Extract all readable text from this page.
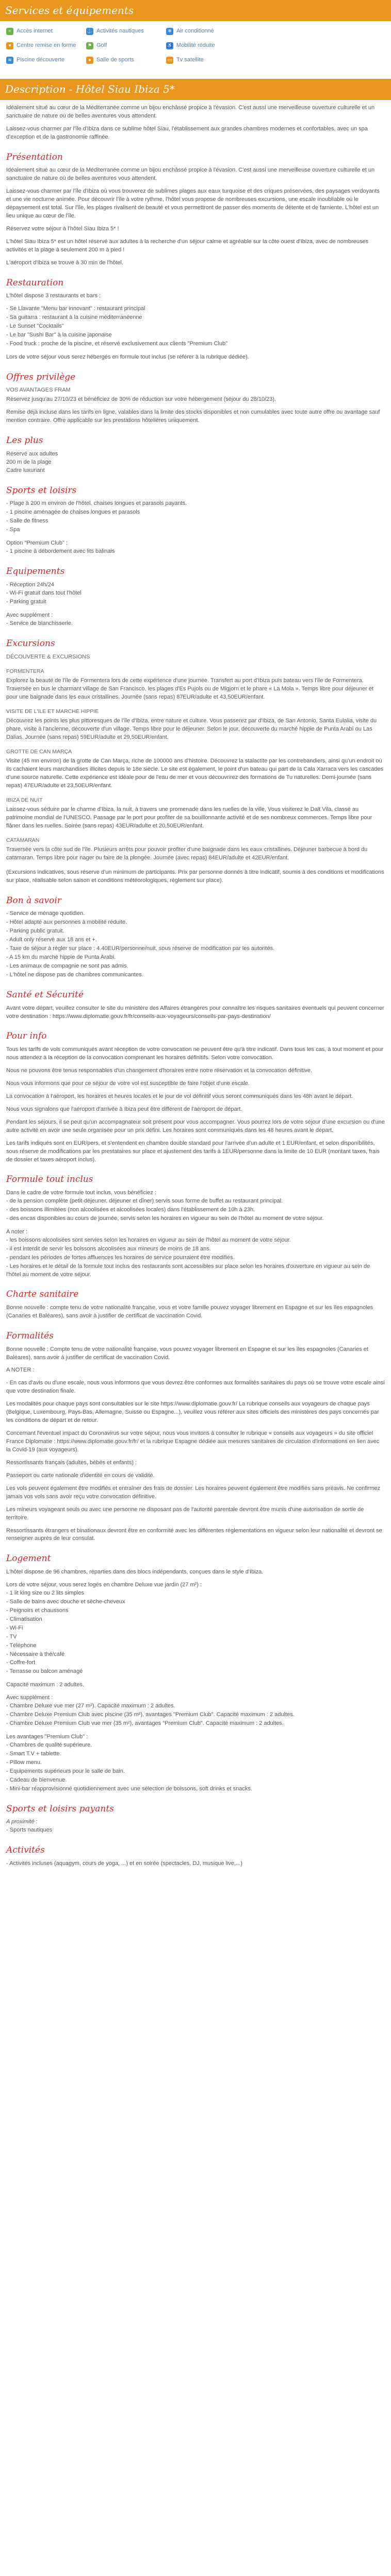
Services et équipements
≈ Accès internet	⚓ Activités nautiques	❄ Air conditionné
♥ Centre remise en forme	⚑ Golf	♿ Mobilité réduite
≋ Piscine découverte	● Salle de sports	▭ Tv satellite
Description - Hôtel Siau Ibiza 5*

Idéalement situé au cœur de la Méditerranée comme un bijou enchâssé propice à l'évasion. C'est aussi une merveilleuse ouverture culturelle et un sanctuaire de nature où de belles aventures vous attendent.

Laissez-vous charmer par l'île d'Ibiza dans ce sublime hôtel Siau, l'établissement aux grandes chambres modernes et confortables, avec un spa d'exception et de la gastronomie raffinée.

Présentation

Idéalement situé au cœur de la Méditerranée comme un bijou enchâssé propice à l'évasion. C'est aussi une merveilleuse ouverture culturelle et un sanctuaire de nature où de belles aventures vous attendent.

Laissez-vous charmer par l'île d'Ibiza où vous trouverez de sublimes plages aux eaux turquoise et des criques préservées, des paysages verdoyants et une vie nocturne animée. Pour découvrir l'île à votre rythme, l'hôtel vous propose de nombreuses excursions, une escale inoubliable où le dépaysement est total. Sur l'île, les plages rivalisent de beauté et vous permettront de passer des moments de détente et de farniente. L'hôtel est un lieu unique au cœur de l'île.

Réservez votre séjour à l'hôtel Siau Ibiza 5* !

L'hôtel Siau Ibiza 5* est un hôtel réservé aux adultes à la recherche d'un séjour calme et agréable sur la côte ouest d'Ibiza, avec de nombreuses activités et la plage à seulement 200 m à pied !

L'aéroport d'Ibiza se trouve à 30 min de l'hôtel.

Restauration

L'hôtel dispose 3 restaurants et bars :

- Se Llavante "Menu bar innovant" : restaurant principal
- Sa guitarra : restaurant à la cuisine méditerranéenne
- Le Sunset "Cocktails"
- Le bar "Sushi Bar" à la cuisine japonaise
- Food truck : proche de la piscine, et réservé exclusivement aux clients "Premium Club"

Lors de votre séjour vous serez hébergés en formule tout inclus (se référer à la rubrique dédiée).

Offres privilège

VOS AVANTAGES FRAM

Réservez jusqu'au 27/10/23 et bénéficiez de 30% de réduction sur votre hébergement (séjour du 28/10/23).

Remise déjà incluse dans les tarifs en ligne, valables dans la limite des stocks disponibles et non cumulables avec toute autre offre ou avantage sauf mention contraire. Offre applicable sur les prestations hôtelières uniquement.

Les plus

Réservé aux adultes

200 m de la plage

Cadre luxuriant

Sports et loisirs
- Plage à 200 m environ de l'hôtel, chaises longues et parasols payants.
- 1 piscine aménagée de chaises longues et parasols
- Salle de fitness
- Spa

Option "Premium Club" :

- 1 piscine à débordement avec lits balinais
Equipements
- Réception 24h/24
- Wi-Fi gratuit dans tout l'hôtel
- Parking gratuit

Avec supplément :

- Service de blanchisserie.
Excursions

DÉCOUVERTE & EXCURSIONS

FORMENTERA

Explorez la beauté de l'île de Formentera lors de cette expérience d'une journée. Transfert au port d'Ibiza puis bateau vers l'île de Formentera. Traversée en bus le charmant village de San Francisco, les plages d'Es Pujols ou de Migjorn et le phare « La Mola ». Temps libre pour déjeuner et pour une baignade dans les eaux cristallines. Journée (sans repas) 87EUR/adulte et 43,50EUR/enfant.

VISITE DE L'ILE ET MARCHE HIPPIE

Découvrez les points les plus pittoresques de l'île d'Ibiza, entre nature et culture. Vous passerez par d'Ibiza, de San Antonio, Santa Eulalia, visite du phare, visite à l'ancienne, découverte d'un village. Temps libre pour le déjeuner. Selon le jour, découverte du marché hippie de Punta Arabí ou Las Dalias. Journée (sans repas) 59EUR/adulte et 29,50EUR/enfant.

GROTTE DE CAN MARÇA

Visite (45 mn environ) de la grotte de Can Marça, riche de 100000 ans d'histoire. Découvrez la stalactite par les contrebandiers, ainsi qu'un endroit où ils cachaient leurs marchandises illicites depuis le 18e siècle. Le site est également, le point d'un bateau qui part de la Cala Xarraca vers les cascades d'une source naturelle. Cette expérience est idéale pour de l'eau de mer et vous découvrirez des formations de Tu naturelles. Demi-journée (sans repas) 47EUR/adulte et 23,50EUR/enfant.

IBIZA DE NUIT

Laissez-vous séduire par le charme d'Ibiza, la nuit, à travers une promenade dans les ruelles de la ville, Vous visiterez le Dalt Vila, classé au patrimoine mondial de l'UNESCO. Passage par le port pour profiter de sa bouillonnante activité et de ses nombreux commerces. Temps libre pour flâner dans les ruelles. Soirée (sans repas) 43EUR/adulte et 20,50EUR/enfant.

CATAMARAN

Traversée vers la côte sud de l'île. Plusieurs arrêts pour pouvoir profiter d'une baignade dans les eaux cristallines. Déjeuner barbecue à bord du catamaran. Temps libre pour nager ou faire de la plongée. Journée (avec repas) 84EUR/adulte et 42EUR/enfant.

(Excursions indicatives, sous réserve d'un minimum de participants. Prix par personne donnés à titre indicatif, soumis à des conditions et modifications sur place, réalisable selon saison et conditions météorologiques, règlement sur place).

Bon à savoir
- Service de ménage quotidien.
- Hôtel adapté aux personnes à mobilité réduite.
- Parking public gratuit.
- Adult only réservé aux 18 ans et +.
- Taxe de séjour à régler sur place : 4.40EUR/personne/nuit, sous réserve de modification par les autorités.
- A 15 km du marché hippie de Punta Arabí.
- Les animaux de compagnie ne sont pas admis.
- L'hôtel ne dispose pas de chambres communicantes.
Santé et Sécurité

Avant votre départ, veuillez consulter le site du ministère des Affaires étrangères pour connaître les risques sanitaires éventuels qui peuvent concerner votre destination : https://www.diplomatie.gouv.fr/fr/conseils-aux-voyageurs/conseils-par-pays-destination/

Pour info

Tous les tarifs de vols communiqués avant réception de votre convocation ne peuvent être qu'à titre indicatif. Dans tous les cas, à tout moment et pour nous attendez à la réception de la convocation comprenant les horaires définitifs. Selon votre convocation.

Nous ne pouvons être tenus responsables d'un changement d'horaires entre notre réservation et la convocation définitive.

Nous vous informons que pour ce séjour de votre vol est susceptible de faire l'objet d'une escale.

La convocation à l'aéroport, les horaires et heures locales et le jour de vol définitif vous seront communiqués dans les 48h avant le départ.

Nous vous signalons que l'aéroport d'arrivée à Ibiza peut être différent de l'aéroport de départ.

Pendant les séjours, il se peut qu'un accompagnateur soit présent pour vous accompagner. Vous pourrez lors de votre séjour d'une excursion ou d'une autre activité en avoir une seule organisée pour un prix défini. Les horaires sont communiqués dans les 48 heures avant le départ.

Les tarifs indiqués sont en EUR/pers, et s'entendent en chambre double standard pour l'arrivée d'un adulte et 1 EUR/enfant, et selon disponibilités, sous réserve de modifications par les prestataires sur place et ajustement des tarifs à 1EUR/personne dans la limite de 10 EUR (montant taxes, frais de dossier et taxes aéroport inclus).

Formule tout inclus

Dans le cadre de votre formule tout inclus, vous bénéficiez :

- de la pension complète (petit-déjeuner, déjeuner et dîner) servis sous forme de buffet au restaurant principal.
- des boissons illimitées (non alcoolisées et alcoolisées locales) dans l'établissement de 10h à 23h.
- des encas disponibles au cours de journée, servis selon les horaires en vigueur au sein de l'hôtel au moment de votre séjour.

A noter :

- les boissons alcoolisées sont servies selon les horaires en vigueur au sein de l'hôtel au moment de votre séjour.
- il est interdit de servir les boissons alcoolisées aux mineurs de moins de 18 ans.
- pendant les périodes de fortes affluences les horaires de service pourraient être modifiés.
- Les horaires et le détail de la formule tout inclus des restaurants sont accessibles sur place selon les horaires d'ouverture en vigueur au sein de l'hôtel au moment de votre séjour.
Charte sanitaire

Bonne nouvelle : compte tenu de votre nationalité française, vous et votre famille pouvez voyager librement en Espagne et sur les îles espagnoles (Canaries et Baléares), sans avoir à justifier de certificat de vaccination Covid.

Formalités

Bonne nouvelle : Compte tenu de votre nationalité française, vous pouvez voyager librement en Espagne et sur les îles espagnoles (Canaries et Baléares), sans avoir à justifier de certificat de vaccination Covid.

A NOTER :

- En cas d'avis ou d'une escale, nous vous informons que vous devrez être conformes aux formalités sanitaires du pays où se trouve votre escale ainsi que votre destination finale.

Les modalités pour chaque pays sont consultables sur le site https://www.diplomatie.gouv.fr/ La rubrique conseils aux voyageurs de chaque pays (Belgique, Luxembourg, Pays-Bas, Allemagne, Suisse ou Espagne...), veuillez vous référer aux sites officiels des ministères des pays concernés par les conditions de départ et de retour.

Concernant l'éventuel impact du Coronavirus sur votre séjour, nous vous invitons à consulter le rubrique « conseils aux voyageurs » du site officiel France Diplomatie : https://www.diplomatie.gouv.fr/fr/ et la rubrique Espagne dédiée aux mesures sanitaires de circulation d'informations en lien avec la Covid-19 (aux voyageurs).

Ressortissants français (adultes, bébés et enfants) :

Passeport ou carte nationale d'identité en cours de validité.

Les vols peuvent également être modifiés et entraîner des frais de dossier. Les horaires peuvent également être modifiés sans préavis. Ne confirmez jamais vos vols sans avoir reçu votre convocation définitive.

Les mineurs voyageant seuls ou avec une personne ne disposant pas de l'autorité parentale devront être munis d'une autorisation de sortie de territoire.

Ressortissants étrangers et binationaux devront être en conformité avec les différentes réglementations en vigueur selon leur nationalité et devront se renseigner auprès de leur consulat.

Logement

L'hôtel dispose de 96 chambres, réparties dans des blocs indépendants, conçues dans le style d'Ibiza.

Lors de votre séjour, vous serez logés en chambre Deluxe vue jardin (27 m²) :

- 1 lit king size ou 2 lits simples
- Salle de bains avec douche et sèche-cheveux
- Peignoirs et chaussons
- Climatisation
- Wi-Fi
- TV
- Téléphone
- Nécessaire à thé/café
- Coffre-fort
- Terrasse ou balcon aménagé

Capacité maximum : 2 adultes.

Avec supplément :

- Chambre Deluxe vue mer (27 m²). Capacité maximum : 2 adultes.
- Chambre Deluxe Premium Club avec piscine (35 m²), avantages "Premium Club". Capacité maximum : 2 adultes.
- Chambre Deluxe Premium Club vue mer (35 m²), avantages "Premium Club". Capacité maximum : 2 adultes.

Les avantages "Premium Club" :

- Chambres de qualité supérieure.
- Smart T.V + tablette.
- Pillow menu.
- Equipements supérieurs pour le salle de bain.
- Cadeau de bienvenue.
- Mini-bar réapprovisionné quotidiennement avec une sélection de boissons, soft drinks et snacks.
Sports et loisirs payants

A proximité :

- Sports nautiques
Activités

- Activités incluses (aquagym, cours de yoga, ...) et en soirée (spectacles, DJ, musique live,...)
